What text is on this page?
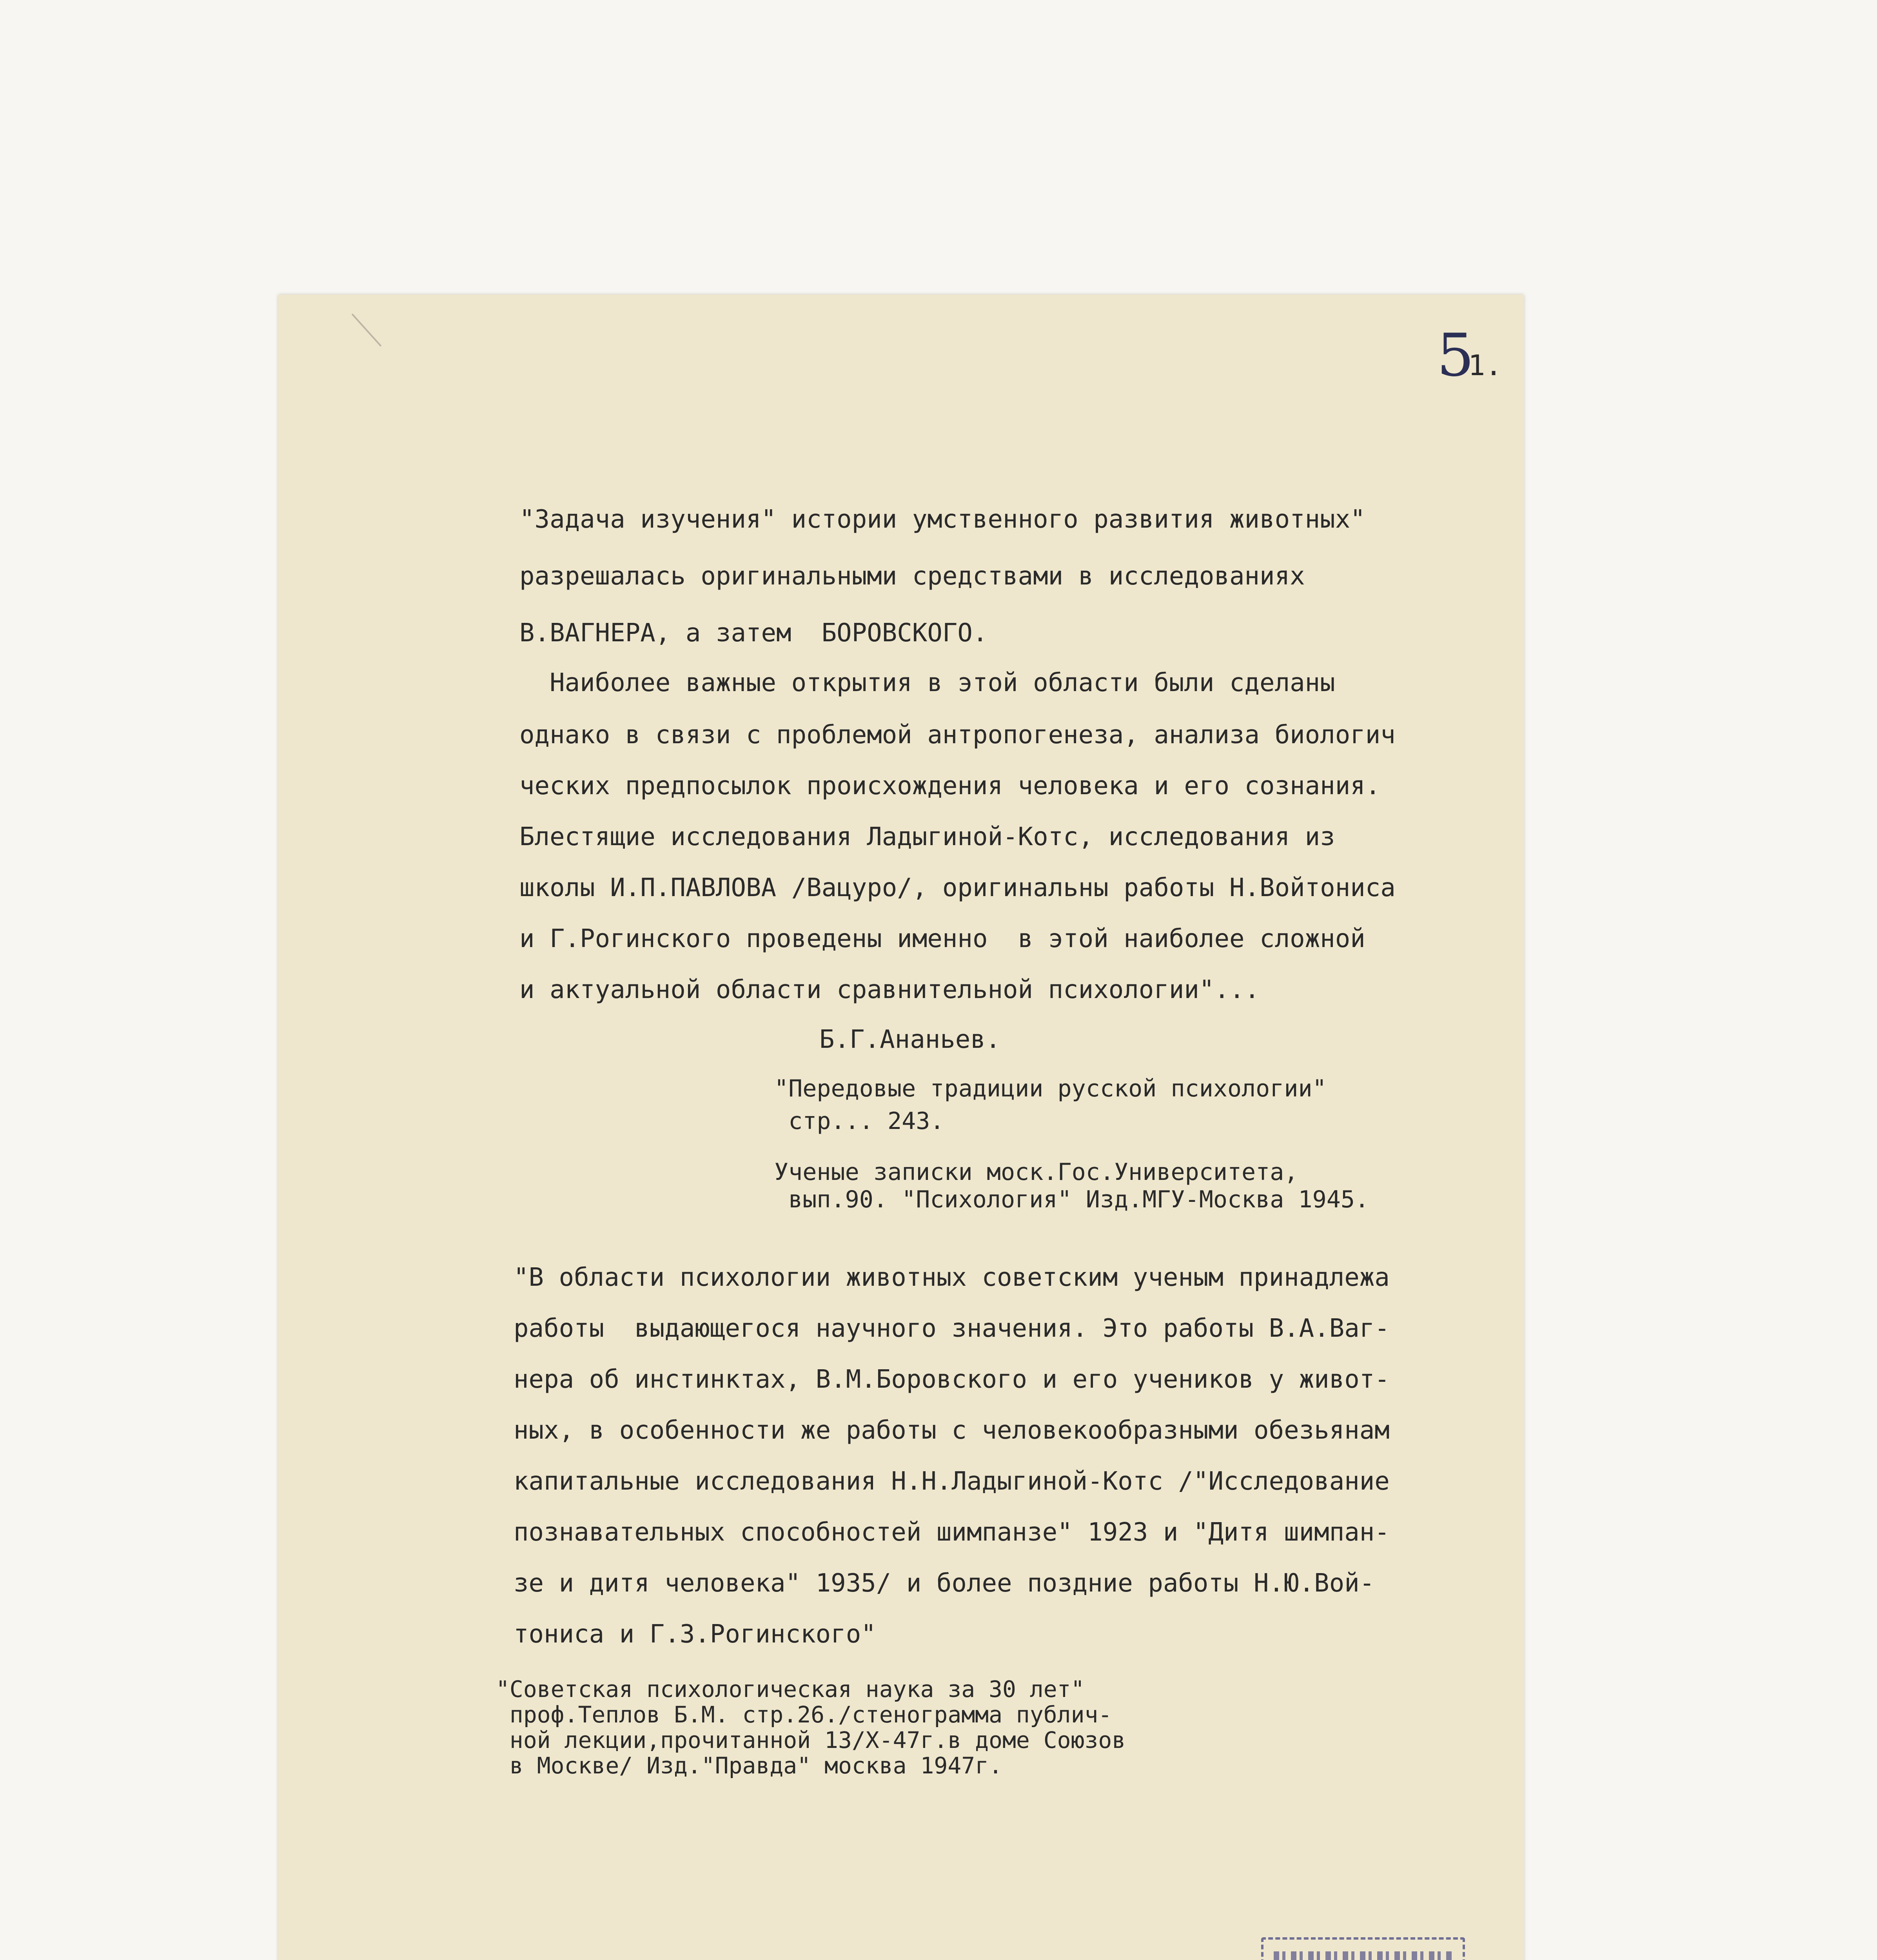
5
1.
"Задача изучения" истории умственного развития животных"
разрешалась оригинальными средствами в исследованиях
В.ВАГНЕРА, а затем  БОРОВСКОГО.
Наиболее важные открытия в этой области были сделаны
однако в связи с проблемой антропогенеза, анализа биологич
ческих предпосылок происхождения человека и его сознания.
Блестящие исследования Ладыгиной-Котс, исследования из
школы И.П.ПАВЛОВА /Вацуро/, оригинальны работы Н.Войтониса
и Г.Рогинского проведены именно  в этой наиболее сложной
и актуальной области сравнительной психологии"...
Б.Г.Ананьев.
"Передовые традиции русской психологии"
стр... 243.
Ученые записки моск.Гос.Университета,
вып.90. "Психология" Изд.МГУ-Москва 1945.
"В области психологии животных советским ученым принадлежа
работы  выдающегося научного значения. Это работы В.А.Ваг-
нера об инстинктах, В.М.Боровского и его учеников у живот-
ных, в особенности же работы с человекообразными обезьянам
капитальные исследования Н.Н.Ладыгиной-Котс /"Исследование
познавательных способностей шимпанзе" 1923 и "Дитя шимпан-
зе и дитя человека" 1935/ и более поздние работы Н.Ю.Вой-
тониса и Г.З.Рогинского"
"Советская психологическая наука за 30 лет"
проф.Теплов Б.М. стр.26./стенограмма публич-
ной лекции,прочитанной 13/Х-47г.в доме Союзов
в Москве/ Изд."Правда" москва 1947г.
